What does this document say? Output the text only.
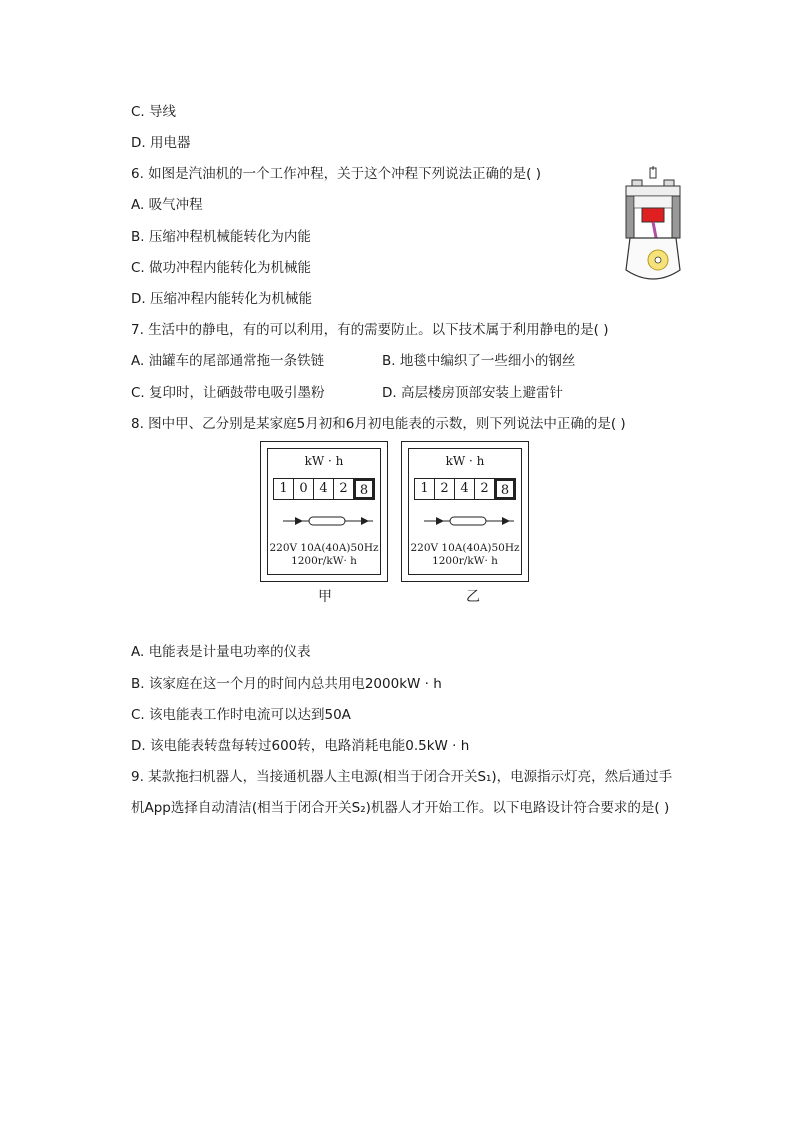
C. 导线
D. 用电器
6. 如图是汽油机的一个工作冲程，关于这个冲程下列说法正确的是( )
A. 吸气冲程
B. 压缩冲程机械能转化为内能
C. 做功冲程内能转化为机械能
D. 压缩冲程内能转化为机械能
7. 生活中的静电，有的可以利用，有的需要防止。以下技术属于利用静电的是( )
A. 油罐车的尾部通常拖一条铁链	B. 地毯中编织了一些细小的钢丝
C. 复印时，让硒鼓带电吸引墨粉	D. 高层楼房顶部安装上避雷针
8. 图中甲、乙分别是某家庭5月初和6月初电能表的示数，则下列说法中正确的是( )
A. 电能表是计量电功率的仪表
B. 该家庭在这一个月的时间内总共用电2000kW · h
C. 该电能表工作时电流可以达到50A
D. 该电能表转盘每转过600转，电路消耗电能0.5kW · h
9. 某款拖扫机器人，当接通机器人主电源(相当于闭合开关S₁)，电源指示灯亮，然后通过手
机App选择自动清洁(相当于闭合开关S₂)机器人才开始工作。以下电路设计符合要求的是( )
kW · h
1 0 4 2 8
220V 10A(40A)50Hz
1200r/kW· h
甲
kW · h
1 2 4 2 8
220V 10A(40A)50Hz
1200r/kW· h
乙
